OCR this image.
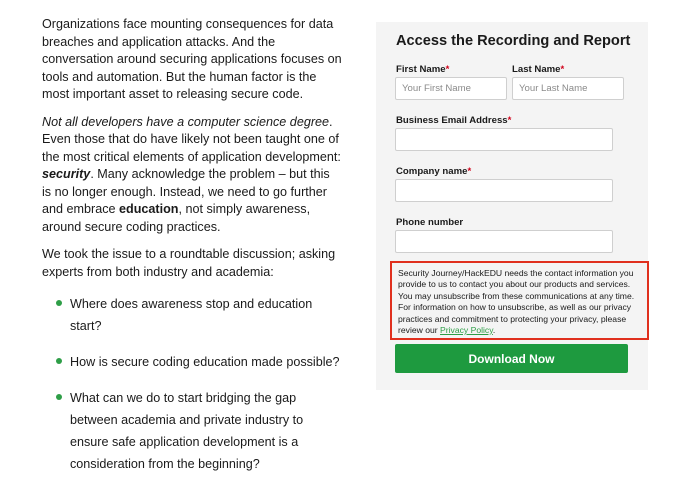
Organizations face mounting consequences for data breaches and application attacks. And the conversation around securing applications focuses on tools and automation. But the human factor is the most important asset to releasing secure code.

Not all developers have a computer science degree. Even those that do have likely not been taught one of the most critical elements of application development: security. Many acknowledge the problem – but this is no longer enough. Instead, we need to go further and embrace education, not simply awareness, around secure coding practices.

We took the issue to a roundtable discussion; asking experts from both industry and academia:

Where does awareness stop and education start?
How is secure coding education made possible?
What can we do to start bridging the gap between academia and private industry to ensure safe application development is a consideration from the beginning?
Access the Recording and Report
First Name*
Your First Name	Last Name*
Your Last Name
Business Email Address*
Company name*
Phone number
Security Journey/HackEDU needs the contact information you provide to us to contact you about our products and services. You may unsubscribe from these communications at any time. For information on how to unsubscribe, as well as our privacy practices and commitment to protecting your privacy, please review our Privacy Policy.
Download Now
